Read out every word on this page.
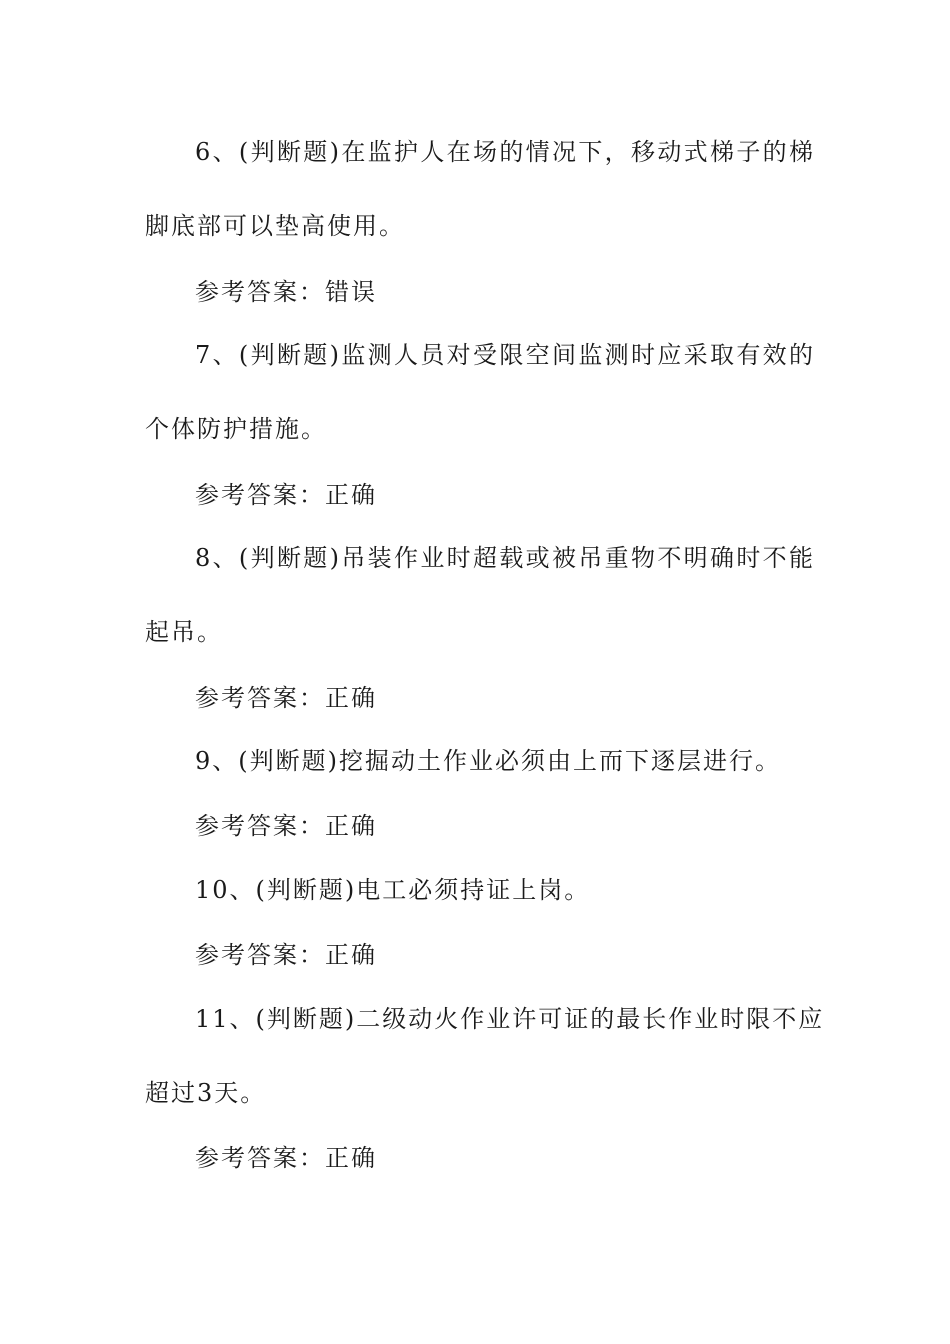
6、(判断题)在监护人在场的情况下，移动式梯子的梯
脚底部可以垫高使用。
参考答案：错误
7、(判断题)监测人员对受限空间监测时应采取有效的
个体防护措施。
参考答案：正确
8、(判断题)吊装作业时超载或被吊重物不明确时不能
起吊。
参考答案：正确
9、(判断题)挖掘动土作业必须由上而下逐层进行。
参考答案：正确
10、(判断题)电工必须持证上岗。
参考答案：正确
11、(判断题)二级动火作业许可证的最长作业时限不应
超过3天。
参考答案：正确
